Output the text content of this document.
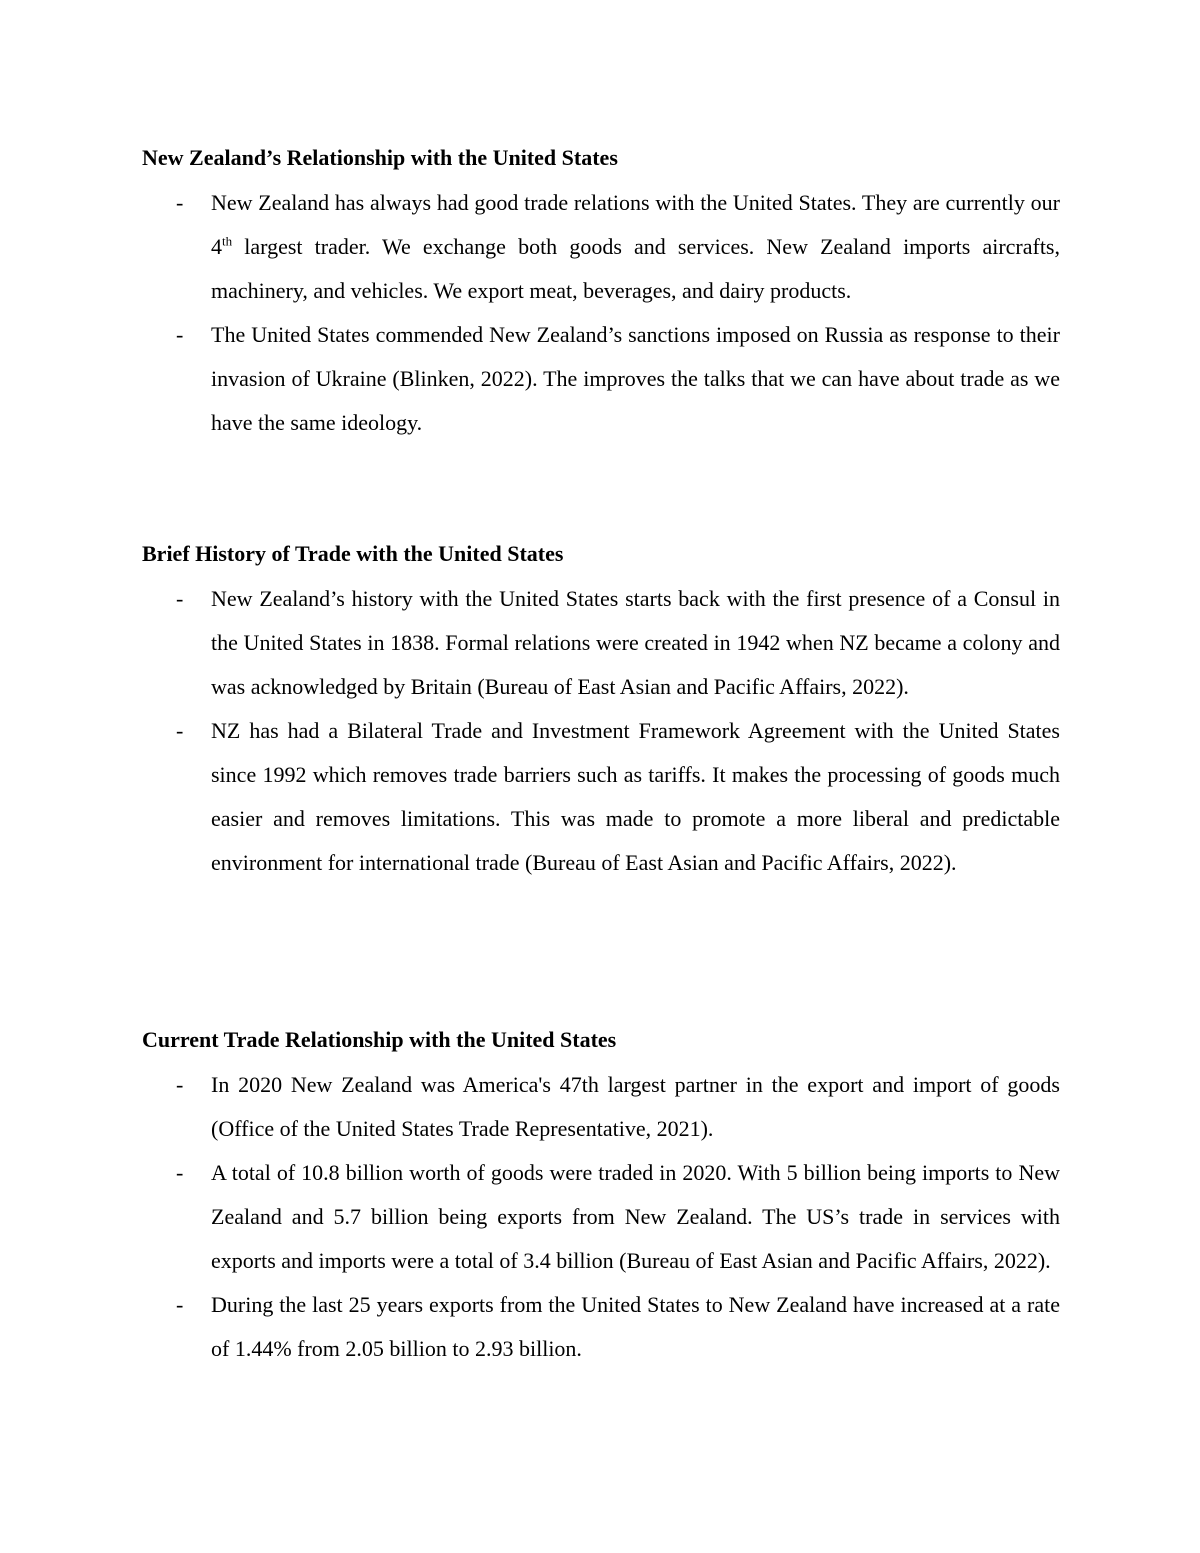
New Zealand’s Relationship with the United States
- New Zealand has always had good trade relations with the United States. They are currently our 4th largest trader. We exchange both goods and services. New Zealand imports aircrafts, machinery, and vehicles. We export meat, beverages, and dairy products.
- The United States commended New Zealand’s sanctions imposed on Russia as response to their invasion of Ukraine (Blinken, 2022). The improves the talks that we can have about trade as we have the same ideology.
Brief History of Trade with the United States
- New Zealand’s history with the United States starts back with the first presence of a Consul in the United States in 1838. Formal relations were created in 1942 when NZ became a colony and was acknowledged by Britain (Bureau of East Asian and Pacific Affairs, 2022).
- NZ has had a Bilateral Trade and Investment Framework Agreement with the United States since 1992 which removes trade barriers such as tariffs. It makes the processing of goods much easier and removes limitations. This was made to promote a more liberal and predictable environment for international trade (Bureau of East Asian and Pacific Affairs, 2022).
Current Trade Relationship with the United States
- In 2020 New Zealand was America's 47th largest partner in the export and import of goods (Office of the United States Trade Representative, 2021).
- A total of 10.8 billion worth of goods were traded in 2020. With 5 billion being imports to New Zealand and 5.7 billion being exports from New Zealand. The US’s trade in services with exports and imports were a total of 3.4 billion (Bureau of East Asian and Pacific Affairs, 2022).
- During the last 25 years exports from the United States to New Zealand have increased at a rate of 1.44% from 2.05 billion to 2.93 billion.
